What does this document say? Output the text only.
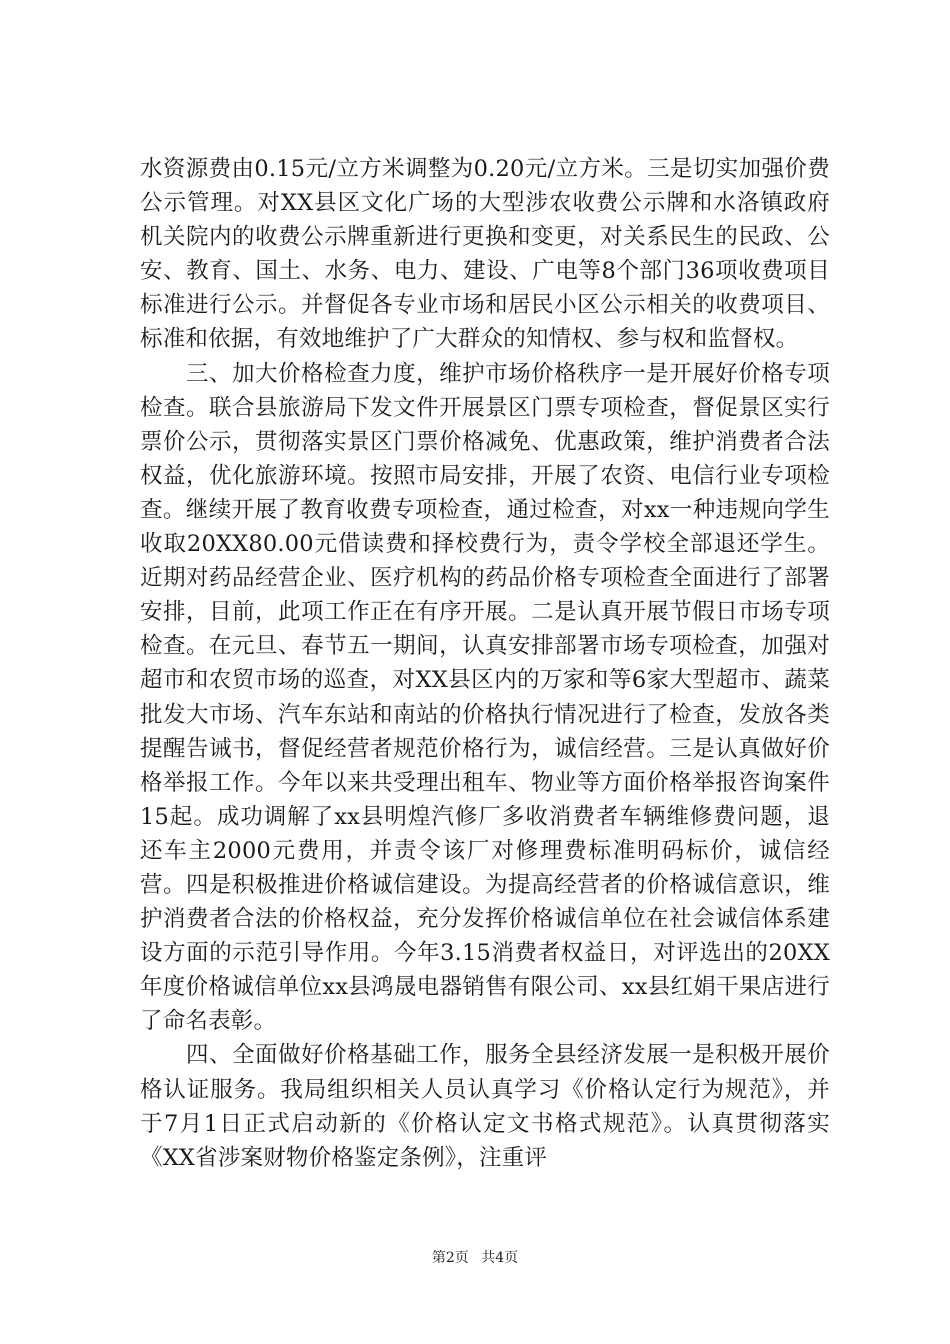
水资源费由0.15元/立方米调整为0.20元/立方米。三是切实加强价费公示管理。对XX县区文化广场的大型涉农收费公示牌和水洛镇政府机关院内的收费公示牌重新进行更换和变更，对关系民生的民政、公安、教育、国土、水务、电力、建设、广电等8个部门36项收费项目标准进行公示。并督促各专业市场和居民小区公示相关的收费项目、标准和依据，有效地维护了广大群众的知情权、参与权和监督权。

三、加大价格检查力度，维护市场价格秩序一是开展好价格专项检查。联合县旅游局下发文件开展景区门票专项检查，督促景区实行票价公示，贯彻落实景区门票价格减免、优惠政策，维护消费者合法权益，优化旅游环境。按照市局安排，开展了农资、电信行业专项检查。继续开展了教育收费专项检查，通过检查，对xx一种违规向学生收取20XX80.00元借读费和择校费行为，责令学校全部退还学生。近期对药品经营企业、医疗机构的药品价格专项检查全面进行了部署安排，目前，此项工作正在有序开展。二是认真开展节假日市场专项检查。在元旦、春节五一期间，认真安排部署市场专项检查，加强对超市和农贸市场的巡查，对XX县区内的万家和等6家大型超市、蔬菜批发大市场、汽车东站和南站的价格执行情况进行了检查，发放各类提醒告诫书，督促经营者规范价格行为，诚信经营。三是认真做好价格举报工作。今年以来共受理出租车、物业等方面价格举报咨询案件15起。成功调解了xx县明煌汽修厂多收消费者车辆维修费问题，退还车主2000元费用，并责令该厂对修理费标准明码标价，诚信经营。四是积极推进价格诚信建设。为提高经营者的价格诚信意识，维护消费者合法的价格权益，充分发挥价格诚信单位在社会诚信体系建设方面的示范引导作用。今年3.15消费者权益日，对评选出的20XX年度价格诚信单位xx县鸿晟电器销售有限公司、xx县红娟干果店进行了命名表彰。

四、全面做好价格基础工作，服务全县经济发展一是积极开展价格认证服务。我局组织相关人员认真学习《价格认定行为规范》，并于7月1日正式启动新的《价格认定文书格式规范》。认真贯彻落实《XX省涉案财物价格鉴定条例》，注重评

第2页 共4页
